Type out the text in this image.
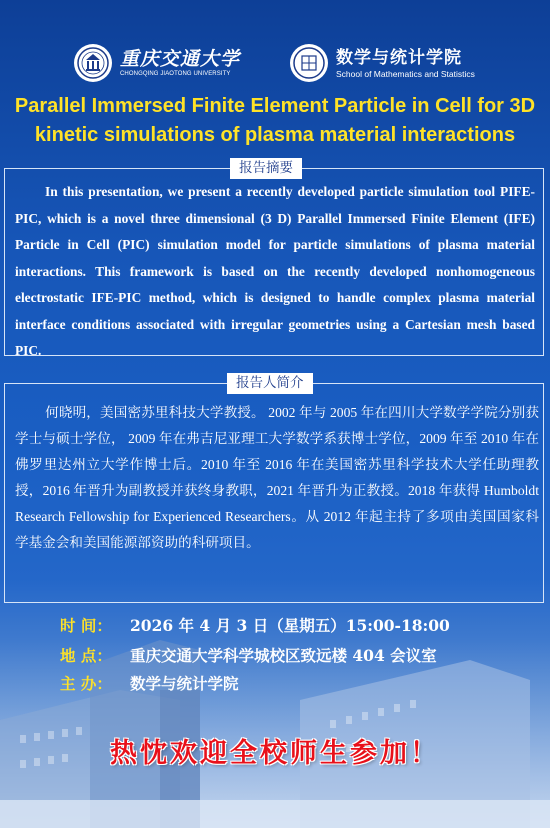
重庆交通大学
CHONGQING JIAOTONG UNIVERSITY
数学与统计学院
School of Mathematics and Statistics
Parallel Immersed Finite Element Particle in Cell for 3D
kinetic simulations of plasma material interactions
In this presentation, we present a recently developed particle simulation tool PIFE-PIC, which is a novel three dimensional (3 D) Parallel Immersed Finite Element (IFE) Particle in Cell (PIC) simulation model for particle simulations of plasma material interactions. This framework is based on the recently developed nonhomogeneous electrostatic IFE-PIC method, which is designed to handle complex plasma material interface conditions associated with irregular geometries using a Cartesian mesh based PIC.
报告摘要
何晓明，美国密苏里科技大学教授。 2002 年与 2005 年在四川大学数学学院分别获学士与硕士学位， 2009 年在弗吉尼亚理工大学数学系获博士学位，2009 年至 2010 年在佛罗里达州立大学作博士后。2010 年至 2016 年在美国密苏里科学技术大学任助理教授，2016 年晋升为副教授并获终身教职，2021 年晋升为正教授。2018 年获得 Humboldt Research Fellowship for Experienced Researchers。从 2012 年起主持了多项由美国国家科学基金会和美国能源部资助的科研项目。
报告人简介
时 间： 2026 年 4 月 3 日（星期五）15:00-18:00
地 点： 重庆交通大学科学城校区致远楼 404 会议室
主 办： 数学与统计学院
热忱欢迎全校师生参加！
